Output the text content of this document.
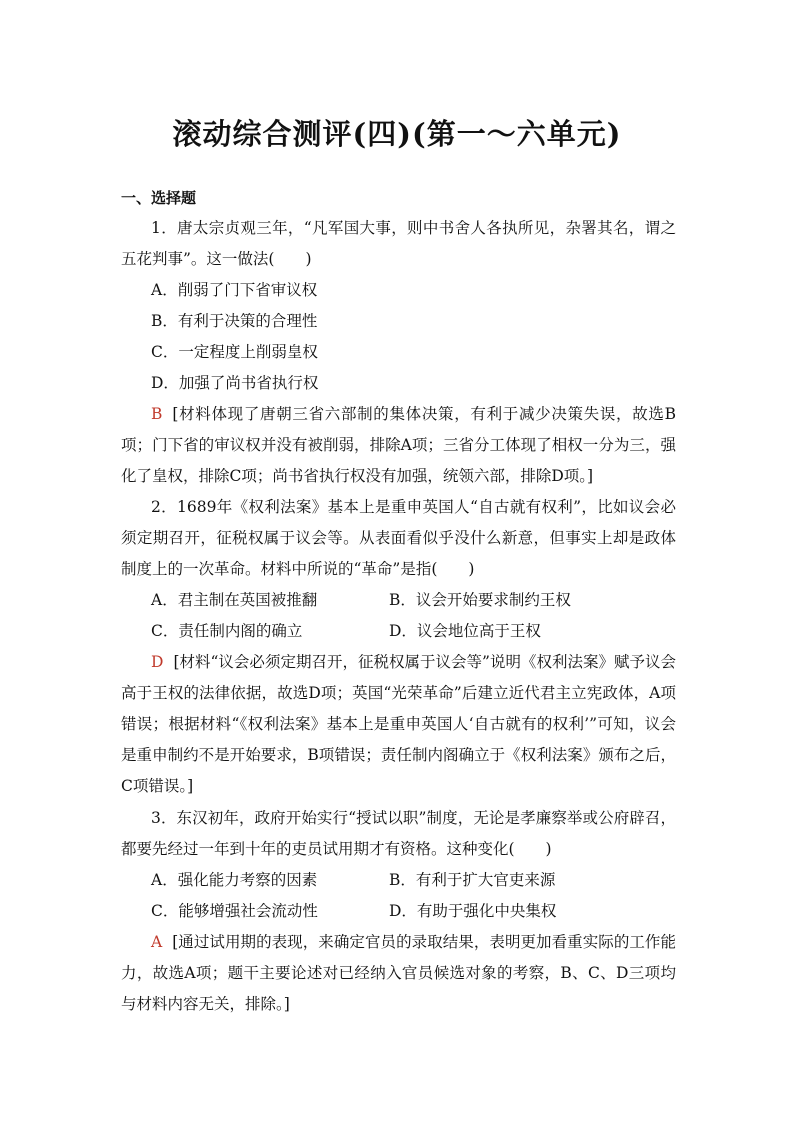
滚动综合测评(四)(第一～六单元)
一、选择题

1．唐太宗贞观三年，“凡军国大事，则中书舍人各执所见，杂署其名，谓之五花判事”。这一做法(　　)

A．削弱了门下省审议权

B．有利于决策的合理性

C．一定程度上削弱皇权

D．加强了尚书省执行权

B [材料体现了唐朝三省六部制的集体决策，有利于减少决策失误，故选B项；门下省的审议权并没有被削弱，排除A项；三省分工体现了相权一分为三，强化了皇权，排除C项；尚书省执行权没有加强，统领六部，排除D项。]

2．1689年《权利法案》基本上是重申英国人“自古就有权利”，比如议会必须定期召开，征税权属于议会等。从表面看似乎没什么新意，但事实上却是政体制度上的一次革命。材料中所说的“革命”是指(　　)

A．君主制在英国被推翻	B．议会开始要求制约王权
C．责任制内阁的确立	D．议会地位高于王权

D [材料“议会必须定期召开，征税权属于议会等”说明《权利法案》赋予议会高于王权的法律依据，故选D项；英国“光荣革命”后建立近代君主立宪政体，A项错误；根据材料“《权利法案》基本上是重申英国人‘自古就有的权利’”可知，议会是重申制约不是开始要求，B项错误；责任制内阁确立于《权利法案》颁布之后，C项错误。]

3．东汉初年，政府开始实行“授试以职”制度，无论是孝廉察举或公府辟召，都要先经过一年到十年的吏员试用期才有资格。这种变化(　　)

A．强化能力考察的因素	B．有利于扩大官吏来源
C．能够增强社会流动性	D．有助于强化中央集权

A [通过试用期的表现，来确定官员的录取结果，表明更加看重实际的工作能力，故选A项；题干主要论述对已经纳入官员候选对象的考察，B、C、D三项均与材料内容无关，排除。]
